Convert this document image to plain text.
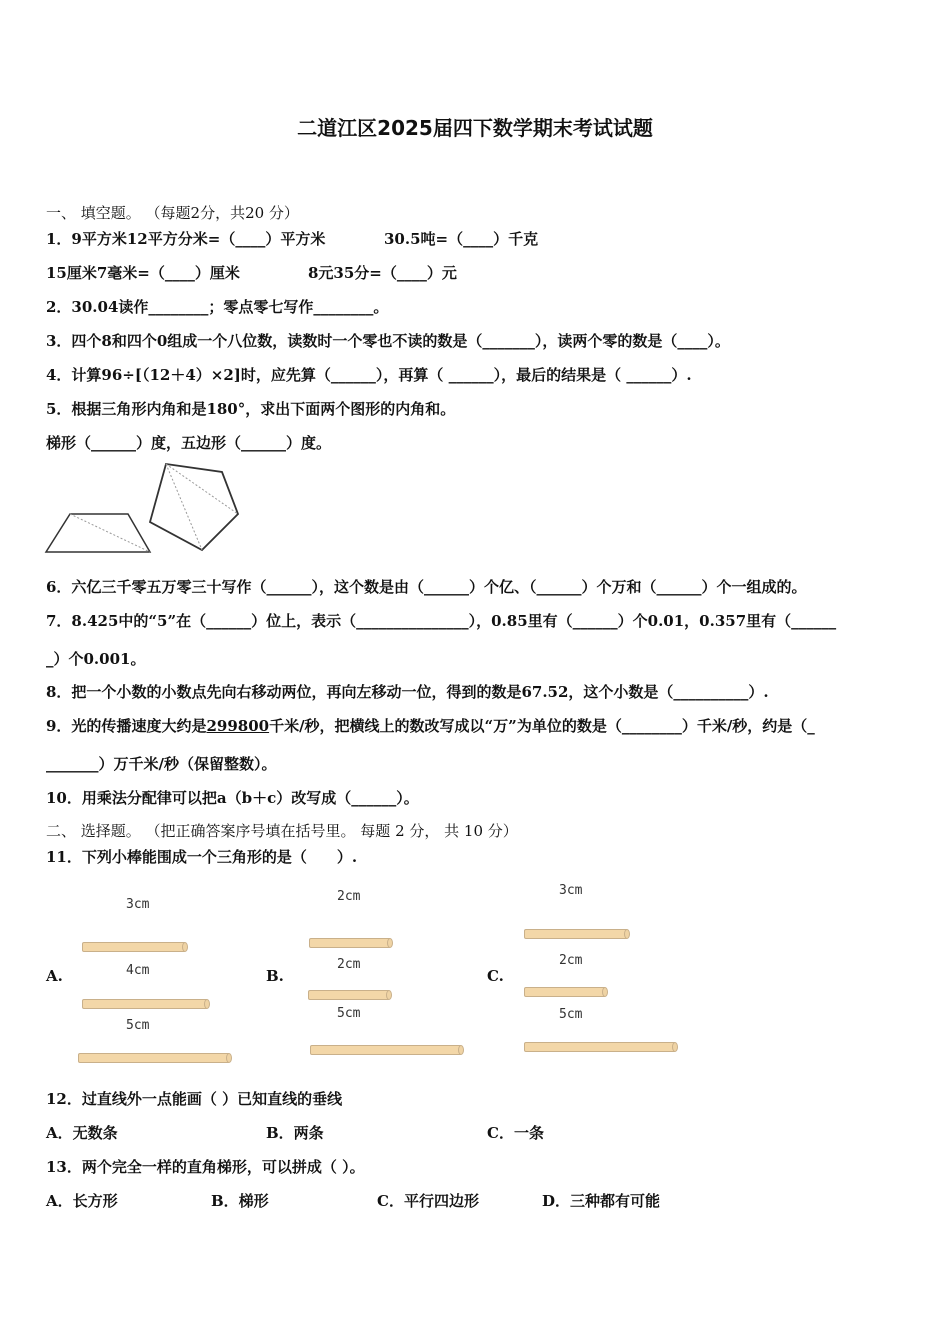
二道江区2025届四下数学期末考试试题
一、 填空题。 （每题2分，共20 分）
1．9平方米12平方分米=（____）平方米	30.5吨=（____）千克
15厘米7毫米=（____）厘米	8元35分=（____）元
2．30.04读作________；零点零七写作________。
3．四个8和四个0组成一个八位数，读数时一个零也不读的数是（_______），读两个零的数是（____）。
4．计算96÷[（12＋4）×2]时，应先算（______），再算（ ______），最后的结果是（ ______）.
5．根据三角形内角和是180°，求出下面两个图形的内角和。
梯形（______）度，五边形（______）度。
6．六亿三千零五万零三十写作（______），这个数是由（______）个亿、（______）个万和（______）个一组成的。
7．8.425中的“5”在（______）位上，表示（_______________），0.85里有（______）个0.01，0.357里有（______
_）个0.001。
8．把一个小数的小数点先向右移动两位，再向左移动一位，得到的数是67.52，这个小数是（__________）.
9．光的传播速度大约是299800千米/秒，把横线上的数改写成以“万”为单位的数是（________）千米/秒，约是（_
_______）万千米/秒（保留整数）。
10．用乘法分配律可以把a（b＋c）改写成（______）。
二、 选择题。 （把正确答案序号填在括号里。 每题 2 分， 共 10 分）
11．下列小棒能围成一个三角形的是（　　）.
A.
3cm
4cm
5cm
B.
2cm
2cm
5cm
C.
3cm
2cm
5cm
12．过直线外一点能画（ ）已知直线的垂线
A．无数条	B．两条	C．一条
13．两个完全一样的直角梯形，可以拼成（ ）。
A．长方形	B．梯形	C．平行四边形	D．三种都有可能
